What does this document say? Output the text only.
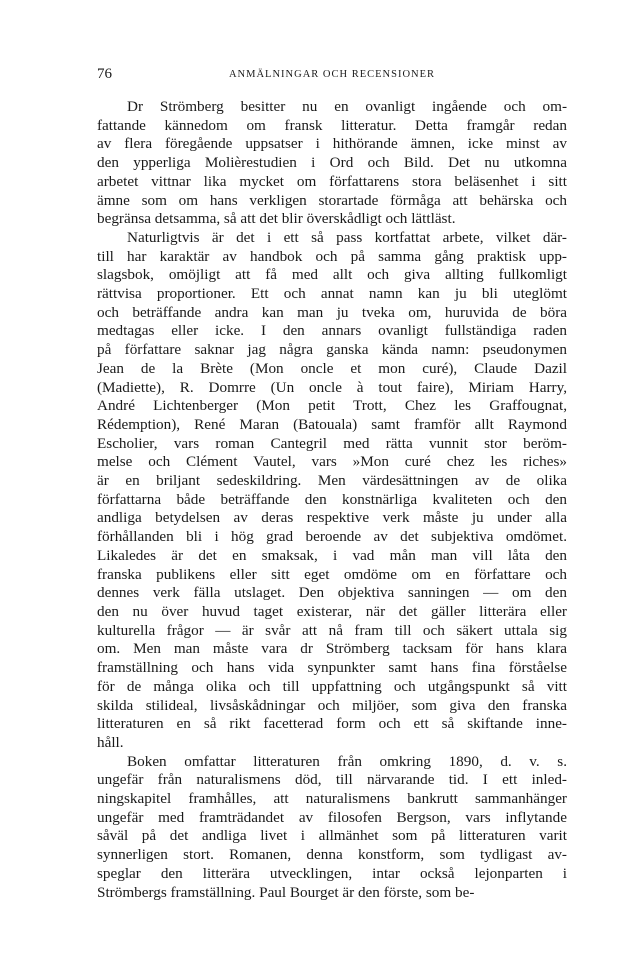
76	ANMÄLNINGAR OCH RECENSIONER
Dr Strömberg besitter nu en ovanligt ingående och om-
fattande kännedom om fransk litteratur. Detta framgår redan
av flera föregående uppsatser i hithörande ämnen, icke minst av
den ypperliga Molièrestudien i Ord och Bild. Det nu utkomna
arbetet vittnar lika mycket om författarens stora beläsenhet i sitt
ämne som om hans verkligen storartade förmåga att behärska och
begränsa detsamma, så att det blir överskådligt och lättläst.
Naturligtvis är det i ett så pass kortfattat arbete, vilket där-
till har karaktär av handbok och på samma gång praktisk upp-
slagsbok, omöjligt att få med allt och giva allting fullkomligt
rättvisa proportioner. Ett och annat namn kan ju bli uteglömt
och beträffande andra kan man ju tveka om, huruvida de böra
medtagas eller icke. I den annars ovanligt fullständiga raden
på författare saknar jag några ganska kända namn: pseudonymen
Jean de la Brète (Mon oncle et mon curé), Claude Dazil
(Madiette), R. Domrre (Un oncle à tout faire), Miriam Harry,
André Lichtenberger (Mon petit Trott, Chez les Graffougnat,
Rédemption), René Maran (Batouala) samt framför allt Raymond
Escholier, vars roman Cantegril med rätta vunnit stor beröm-
melse och Clément Vautel, vars »Mon curé chez les riches»
är en briljant sedeskildring. Men värdesättningen av de olika
författarna både beträffande den konstnärliga kvaliteten och den
andliga betydelsen av deras respektive verk måste ju under alla
förhållanden bli i hög grad beroende av det subjektiva omdömet.
Likaledes är det en smaksak, i vad mån man vill låta den
franska publikens eller sitt eget omdöme om en författare och
dennes verk fälla utslaget. Den objektiva sanningen — om den
den nu över huvud taget existerar, när det gäller litterära eller
kulturella frågor — är svår att nå fram till och säkert uttala sig
om. Men man måste vara dr Strömberg tacksam för hans klara
framställning och hans vida synpunkter samt hans fina förståelse
för de många olika och till uppfattning och utgångspunkt så vitt
skilda stilideal, livsåskådningar och miljöer, som giva den franska
litteraturen en så rikt facetterad form och ett så skiftande inne-
håll.
Boken omfattar litteraturen från omkring 1890, d. v. s.
ungefär från naturalismens död, till närvarande tid. I ett inled-
ningskapitel framhålles, att naturalismens bankrutt sammanhänger
ungefär med framträdandet av filosofen Bergson, vars inflytande
såväl på det andliga livet i allmänhet som på litteraturen varit
synnerligen stort. Romanen, denna konstform, som tydligast av-
speglar den litterära utvecklingen, intar också lejonparten i
Strömbergs framställning. Paul Bourget är den förste, som be-
